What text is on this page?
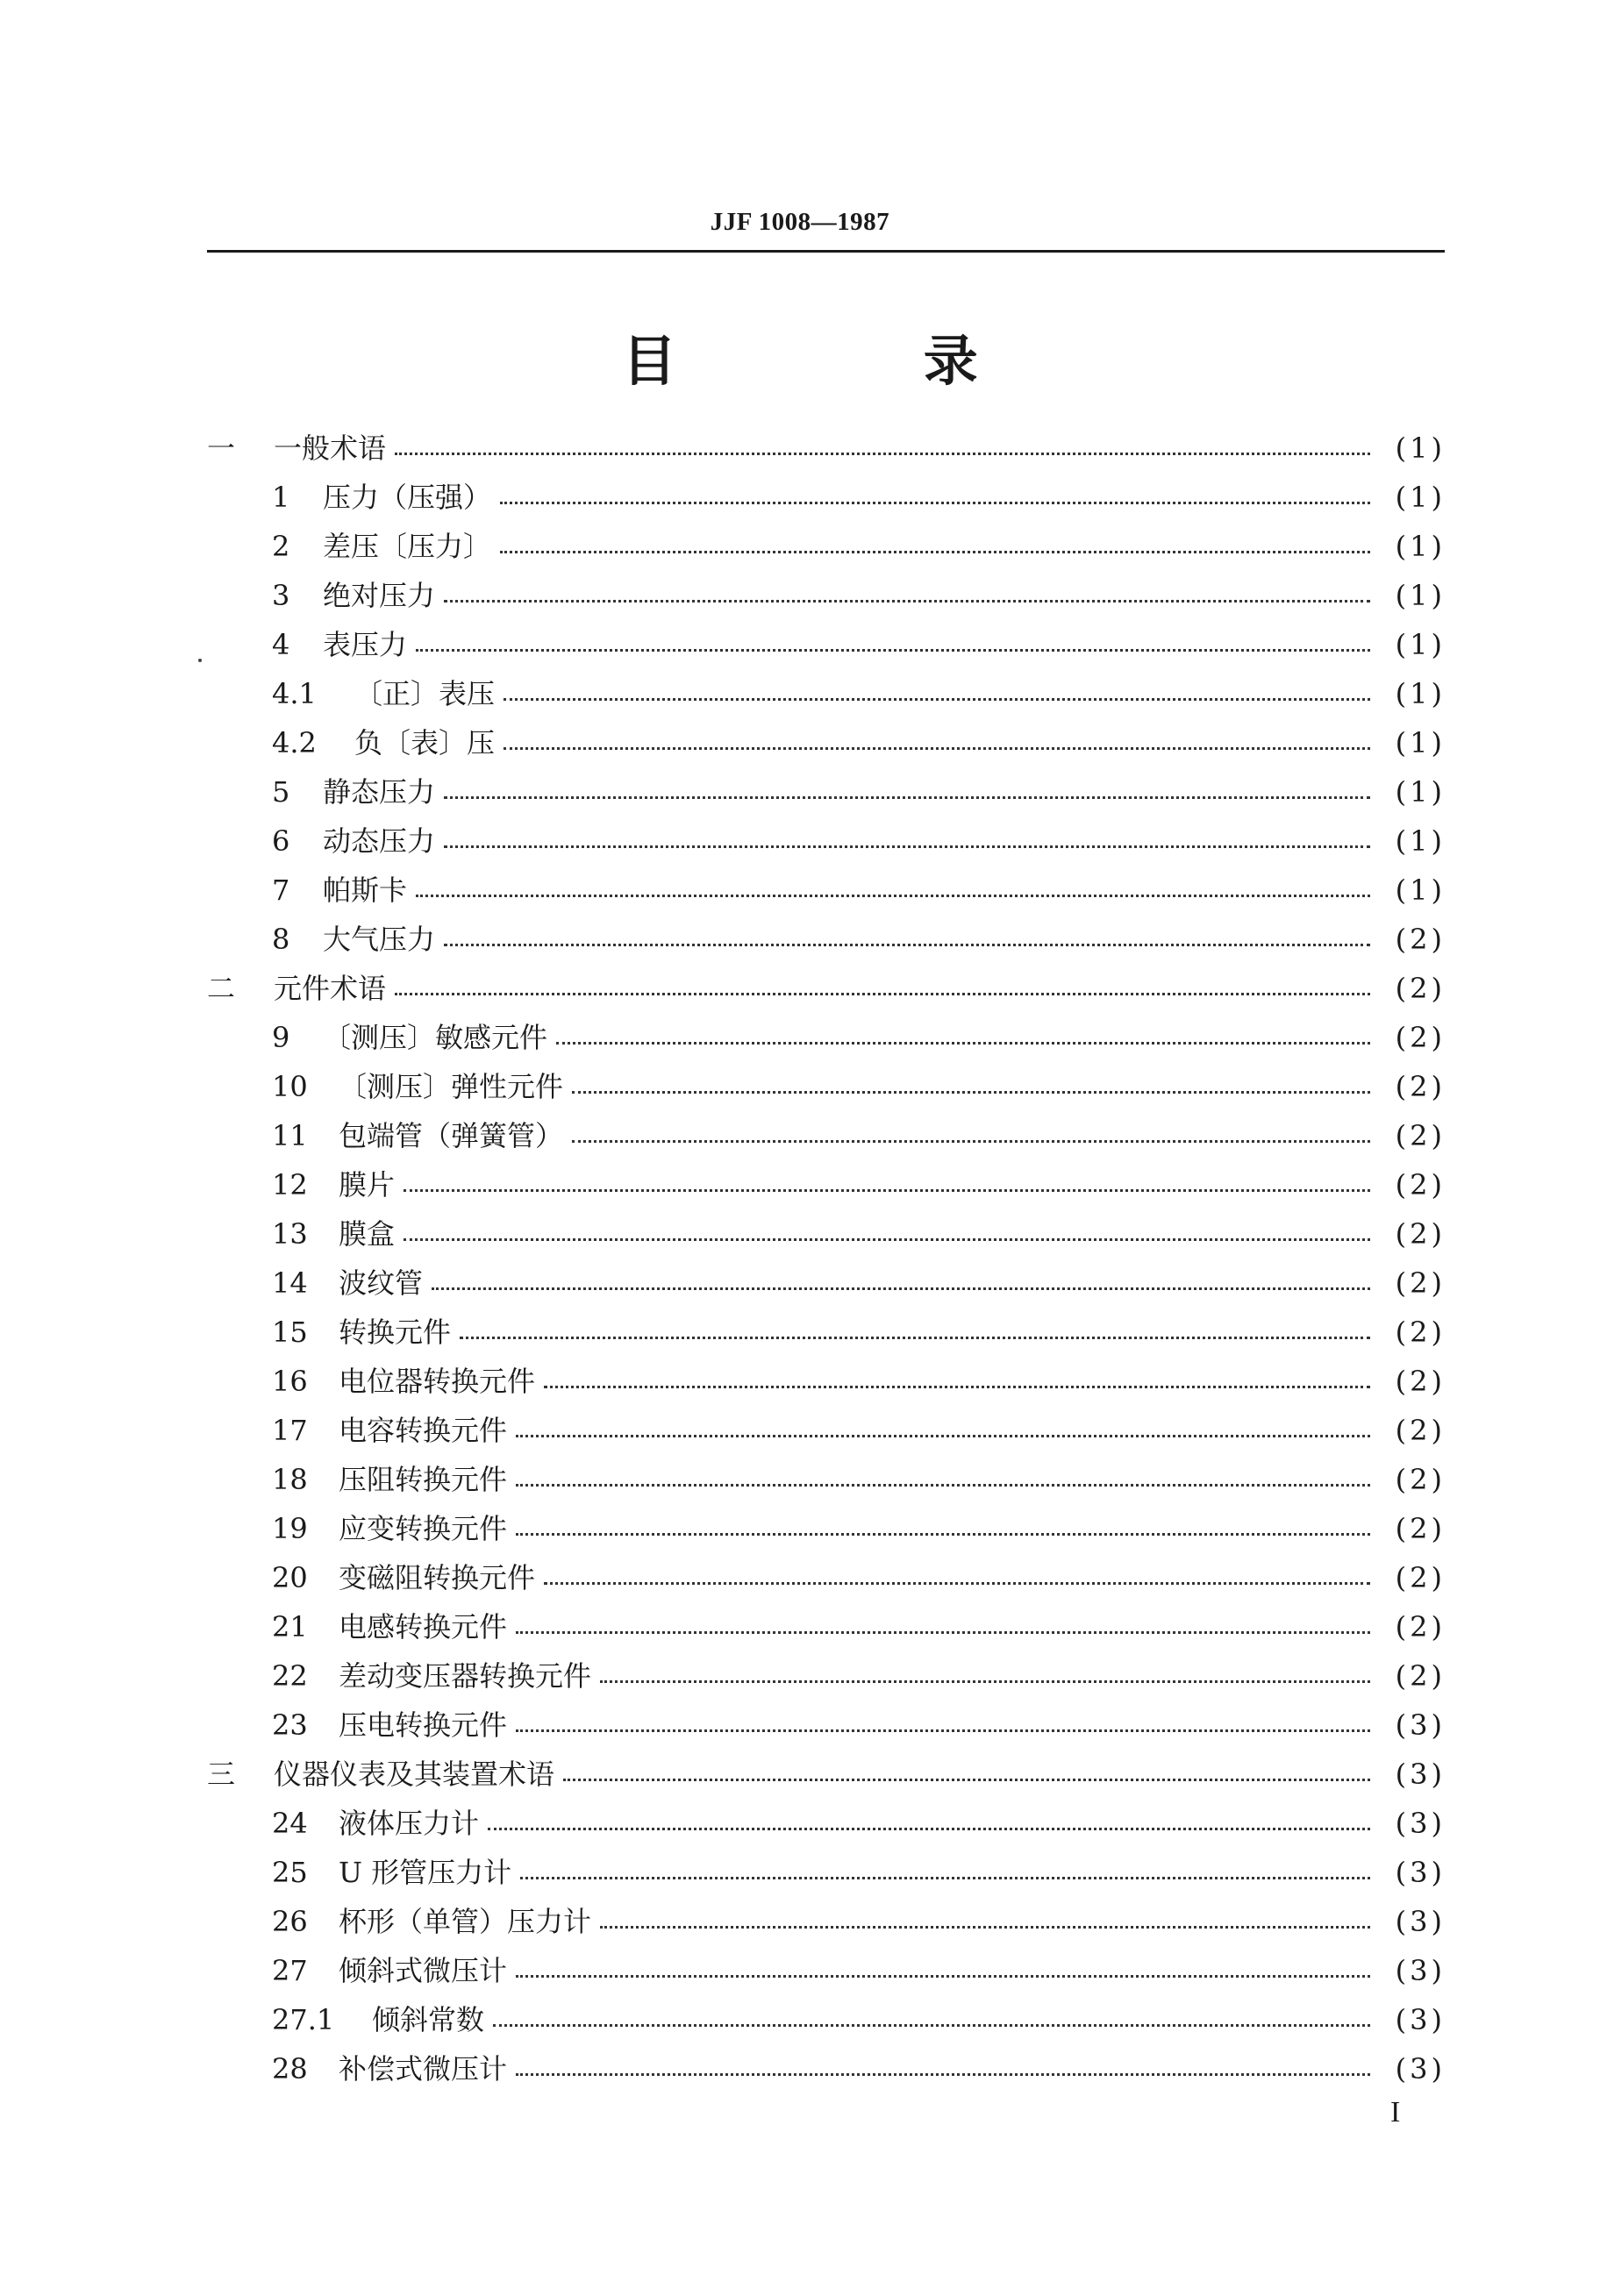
JJF 1008—1987
目 录
一	一般术语	(1)
1	压力（压强）	(1)
2	差压〔压力〕	(1)
3	绝对压力	(1)
4	表压力	(1)
4.1	〔正〕表压	(1)
4.2	负〔表〕压	(1)
5	静态压力	(1)
6	动态压力	(1)
7	帕斯卡	(1)
8	大气压力	(2)
二	元件术语	(2)
9	〔测压〕敏感元件	(2)
10	〔测压〕弹性元件	(2)
11	包端管（弹簧管）	(2)
12	膜片	(2)
13	膜盒	(2)
14	波纹管	(2)
15	转换元件	(2)
16	电位器转换元件	(2)
17	电容转换元件	(2)
18	压阻转换元件	(2)
19	应变转换元件	(2)
20	变磁阻转换元件	(2)
21	电感转换元件	(2)
22	差动变压器转换元件	(2)
23	压电转换元件	(3)
三	仪器仪表及其装置术语	(3)
24	液体压力计	(3)
25	U 形管压力计	(3)
26	杯形（单管）压力计	(3)
27	倾斜式微压计	(3)
27.1	倾斜常数	(3)
28	补偿式微压计	(3)
I
